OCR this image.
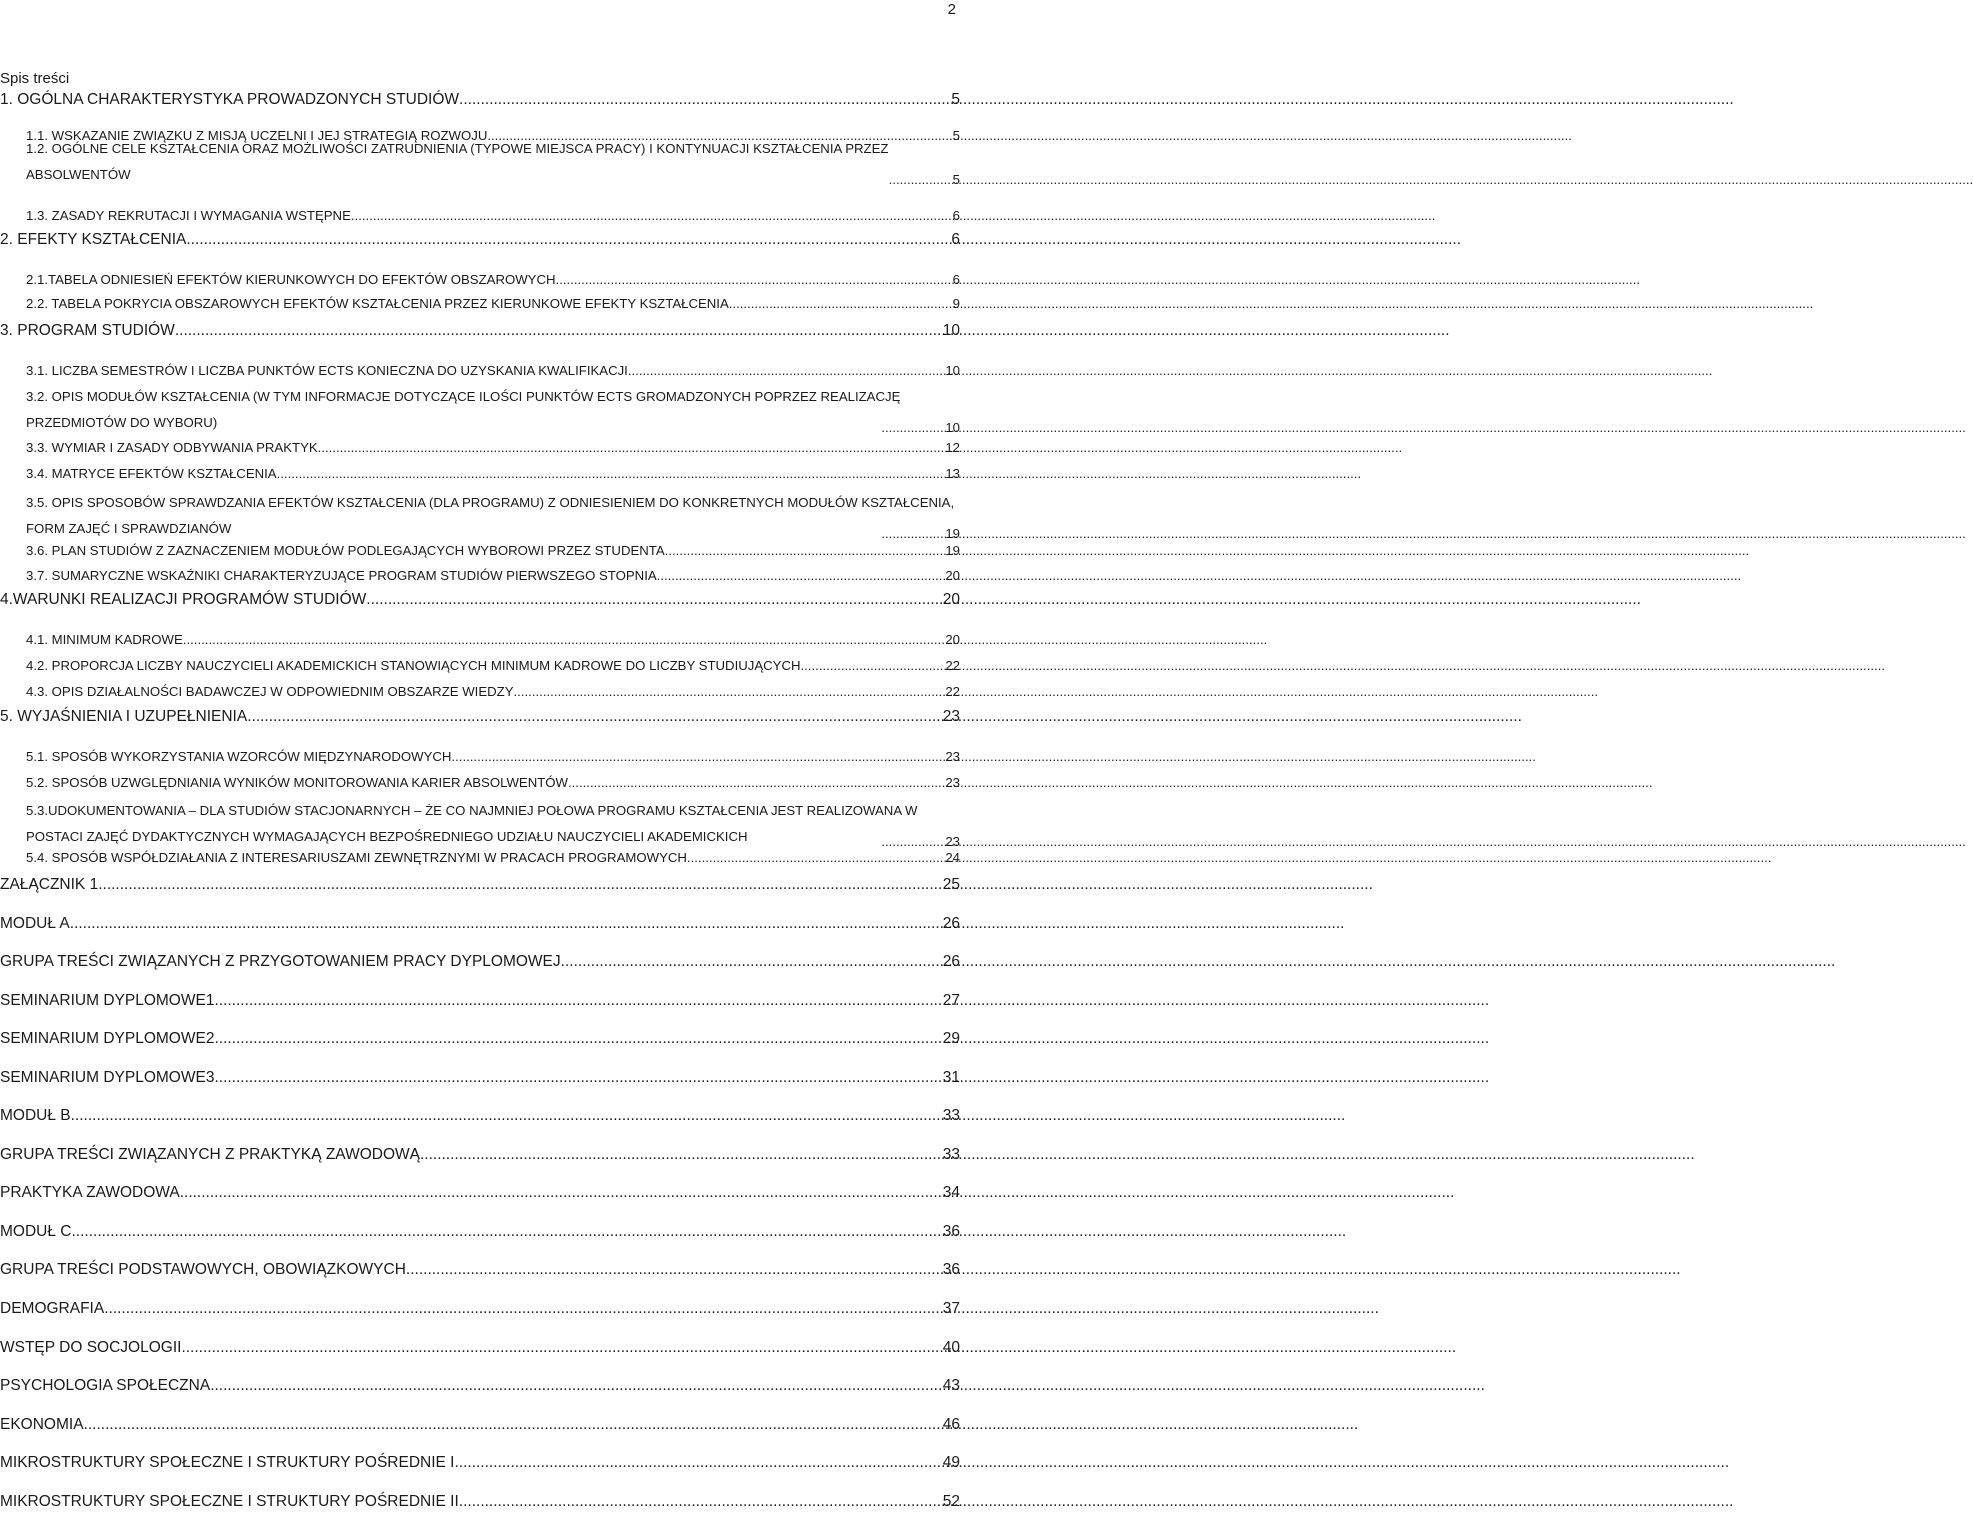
2
Spis treści
1. OGÓLNA CHARAKTERYSTYKA PROWADZONYCH STUDIÓW .....	5
1.1. WSKAZANIE ZWIĄZKU Z MISJĄ UCZELNI I JEJ STRATEGIĄ ROZWOJU .....	5
1.2. OGÓLNE CELE KSZTAŁCENIA ORAZ MOŻLIWOŚCI ZATRUDNIENIA (TYPOWE MIEJSCA PRACY) I KONTYNUACJI KSZTAŁCENIA PRZEZ ABSOLWENTÓW .....	5
1.3. ZASADY REKRUTACJI I WYMAGANIA WSTĘPNE .....	6
2. EFEKTY KSZTAŁCENIA .....	6
2.1.TABELA ODNIESIEŃ EFEKTÓW KIERUNKOWYCH DO EFEKTÓW OBSZAROWYCH .....	6
2.2. TABELA POKRYCIA OBSZAROWYCH EFEKTÓW KSZTAŁCENIA PRZEZ KIERUNKOWE EFEKTY KSZTAŁCENIA .....	9
3. PROGRAM STUDIÓW .....	10
3.1. LICZBA SEMESTRÓW I LICZBA PUNKTÓW ECTS KONIECZNA DO UZYSKANIA KWALIFIKACJI .....	10
3.2. OPIS MODUŁÓW KSZTAŁCENIA (W TYM INFORMACJE DOTYCZĄCE ILOŚCI PUNKTÓW ECTS GROMADZONYCH POPRZEZ REALIZACJĘ PRZEDMIOTÓW DO WYBORU) .....	10
3.3. WYMIAR I ZASADY ODBYWANIA PRAKTYK .....	12
3.4. MATRYCE EFEKTÓW KSZTAŁCENIA .....	13
3.5. OPIS SPOSOBÓW SPRAWDZANIA EFEKTÓW KSZTAŁCENIA (DLA PROGRAMU) Z ODNIESIENIEM DO KONKRETNYCH MODUŁÓW KSZTAŁCENIA, FORM ZAJĘĆ I SPRAWDZIANÓW .....	19
3.6. PLAN STUDIÓW Z ZAZNACZENIEM MODUŁÓW PODLEGAJĄCYCH WYBOROWI PRZEZ STUDENTA .....	19
3.7. SUMARYCZNE WSKAŹNIKI CHARAKTERYZUJĄCE PROGRAM STUDIÓW PIERWSZEGO STOPNIA .....	20
4.WARUNKI REALIZACJI PROGRAMÓW STUDIÓW .....	20
4.1. MINIMUM KADROWE .....	20
4.2. PROPORCJA LICZBY NAUCZYCIELI AKADEMICKICH STANOWIĄCYCH MINIMUM KADROWE DO LICZBY STUDIUJĄCYCH .....	22
4.3. OPIS DZIAŁALNOŚCI BADAWCZEJ W ODPOWIEDNIM OBSZARZE WIEDZY .....	22
5. WYJAŚNIENIA I UZUPEŁNIENIA .....	23
5.1. SPOSÓB WYKORZYSTANIA WZORCÓW MIĘDZYNARODOWYCH .....	23
5.2. SPOSÓB UZWGLĘDNIANIA WYNIKÓW MONITOROWANIA KARIER ABSOLWENTÓW .....	23
5.3.UDOKUMENTOWANIA – DLA STUDIÓW STACJONARNYCH – ŻE CO NAJMNIEJ POŁOWA PROGRAMU KSZTAŁCENIA JEST REALIZOWANA W POSTACI ZAJĘĆ DYDAKTYCZNYCH WYMAGAJĄCYCH BEZPOŚREDNIEGO UDZIAŁU NAUCZYCIELI AKADEMICKICH .....	23
5.4. SPOSÓB WSPÓŁDZIAŁANIA Z INTERESARIUSZAMI ZEWNĘTRZNYMI W PRACACH PROGRAMOWYCH .....	24
ZAŁĄCZNIK 1 .....	25
MODUŁ A .....	26
GRUPA TREŚCI ZWIĄZANYCH Z PRZYGOTOWANIEM PRACY DYPLOMOWEJ .....	26
SEMINARIUM DYPLOMOWE1 .....	27
SEMINARIUM DYPLOMOWE2 .....	29
SEMINARIUM DYPLOMOWE3 .....	31
MODUŁ B .....	33
GRUPA TREŚCI ZWIĄZANYCH Z PRAKTYKĄ ZAWODOWĄ .....	33
PRAKTYKA ZAWODOWA .....	34
MODUŁ C .....	36
GRUPA TREŚCI PODSTAWOWYCH, OBOWIĄZKOWYCH .....	36
DEMOGRAFIA .....	37
WSTĘP DO SOCJOLOGII .....	40
PSYCHOLOGIA SPOŁECZNA .....	43
EKONOMIA .....	46
MIKROSTRUKTURY SPOŁECZNE I STRUKTURY POŚREDNIE I .....	49
MIKROSTRUKTURY SPOŁECZNE I STRUKTURY POŚREDNIE II .....	52
